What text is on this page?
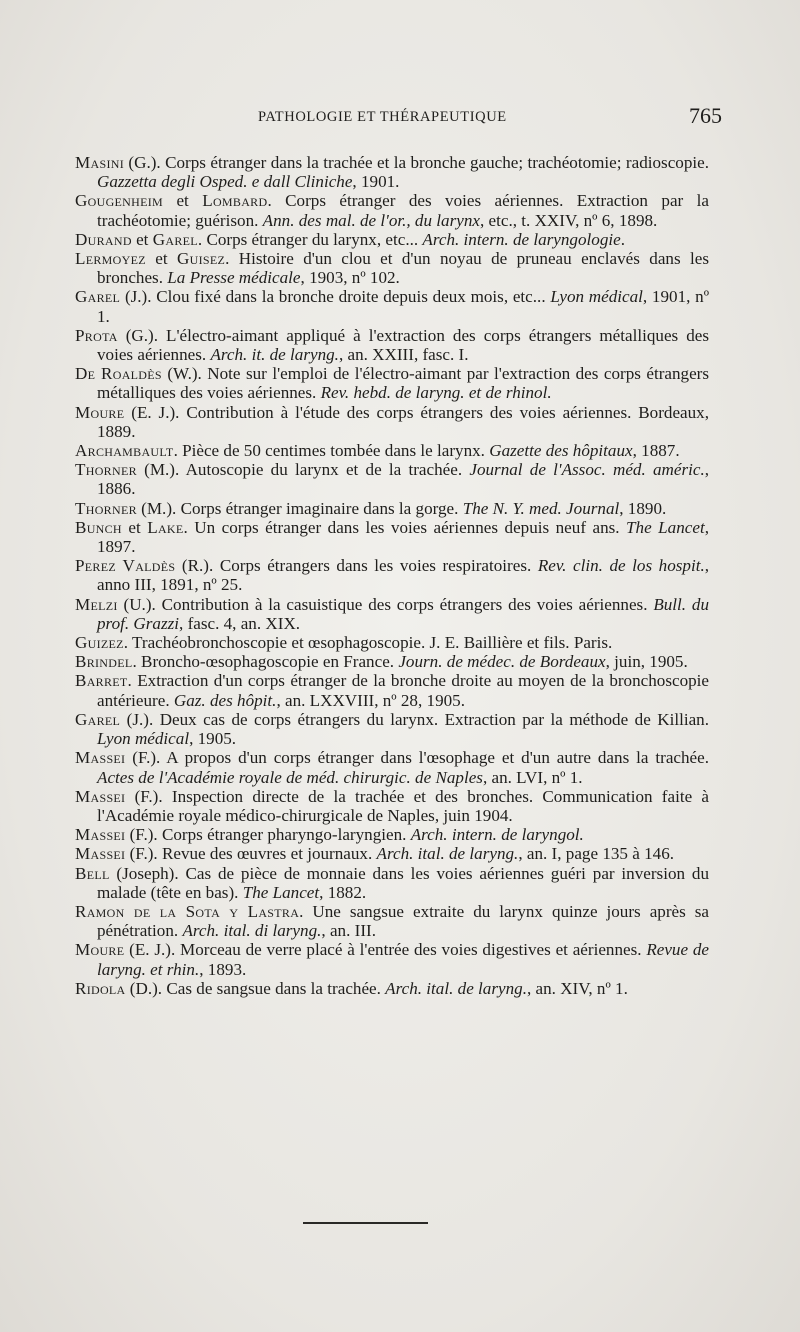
PATHOLOGIE ET THÉRAPEUTIQUE	765

Masini (G.). Corps étranger dans la trachée et la bronche gauche; trachéotomie; radioscopie. Gazzetta degli Osped. e dall Cliniche, 1901.

Gougenheim et Lombard. Corps étranger des voies aériennes. Extraction par la trachéotomie; guérison. Ann. des mal. de l'or., du larynx, etc., t. XXIV, nº 6, 1898.

Durand et Garel. Corps étranger du larynx, etc... Arch. intern. de laryngologie.

Lermoyez et Guisez. Histoire d'un clou et d'un noyau de pruneau enclavés dans les bronches. La Presse médicale, 1903, nº 102.

Garel (J.). Clou fixé dans la bronche droite depuis deux mois, etc... Lyon médical, 1901, nº 1.

Prota (G.). L'électro-aimant appliqué à l'extraction des corps étrangers métalliques des voies aériennes. Arch. it. de laryng., an. XXIII, fasc. I.

De Roaldès (W.). Note sur l'emploi de l'électro-aimant par l'extraction des corps étrangers métalliques des voies aériennes. Rev. hebd. de laryng. et de rhinol.

Moure (E. J.). Contribution à l'étude des corps étrangers des voies aériennes. Bordeaux, 1889.

Archambault. Pièce de 50 centimes tombée dans le larynx. Gazette des hôpitaux, 1887.

Thorner (M.). Autoscopie du larynx et de la trachée. Journal de l'Assoc. méd. améric., 1886.

Thorner (M.). Corps étranger imaginaire dans la gorge. The N. Y. med. Journal, 1890.

Bunch et Lake. Un corps étranger dans les voies aériennes depuis neuf ans. The Lancet, 1897.

Perez Valdès (R.). Corps étrangers dans les voies respiratoires. Rev. clin. de los hospit., anno III, 1891, nº 25.

Melzi (U.). Contribution à la casuistique des corps étrangers des voies aériennes. Bull. du prof. Grazzi, fasc. 4, an. XIX.

Guizez. Trachéobronchoscopie et œsophagoscopie. J. E. Baillière et fils. Paris.

Brindel. Broncho-œsophagoscopie en France. Journ. de médec. de Bordeaux, juin, 1905.

Barret. Extraction d'un corps étranger de la bronche droite au moyen de la bronchoscopie antérieure. Gaz. des hôpit., an. LXXVIII, nº 28, 1905.

Garel (J.). Deux cas de corps étrangers du larynx. Extraction par la méthode de Killian. Lyon médical, 1905.

Massei (F.). A propos d'un corps étranger dans l'œsophage et d'un autre dans la trachée. Actes de l'Académie royale de méd. chirurgic. de Naples, an. LVI, nº 1.

Massei (F.). Inspection directe de la trachée et des bronches. Communication faite à l'Académie royale médico-chirurgicale de Naples, juin 1904.

Massei (F.). Corps étranger pharyngo-laryngien. Arch. intern. de laryngol.

Massei (F.). Revue des œuvres et journaux. Arch. ital. de laryng., an. I, page 135 à 146.

Bell (Joseph). Cas de pièce de monnaie dans les voies aériennes guéri par inversion du malade (tête en bas). The Lancet, 1882.

Ramon de la Sota y Lastra. Une sangsue extraite du larynx quinze jours après sa pénétration. Arch. ital. di laryng., an. III.

Moure (E. J.). Morceau de verre placé à l'entrée des voies digestives et aériennes. Revue de laryng. et rhin., 1893.

Ridola (D.). Cas de sangsue dans la trachée. Arch. ital. de laryng., an. XIV, nº 1.
